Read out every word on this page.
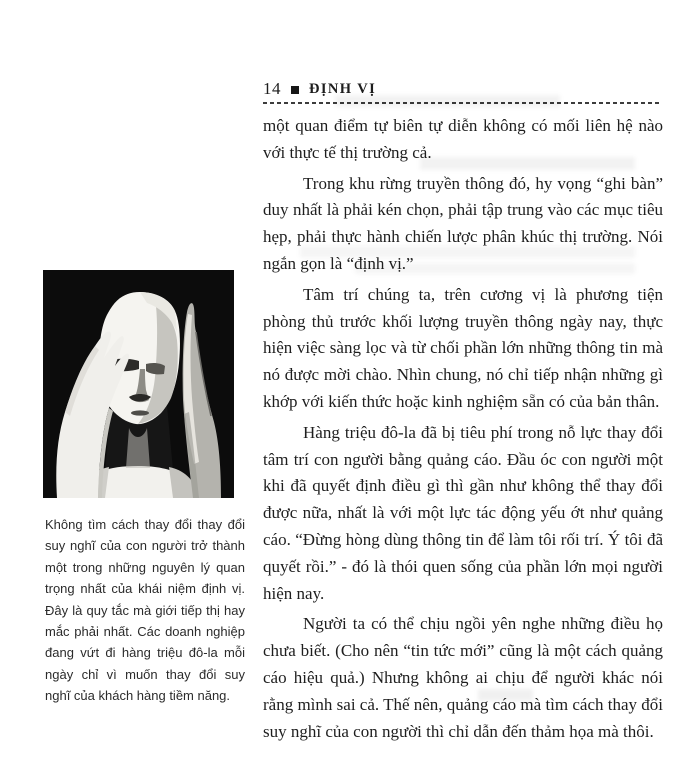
14 ĐỊNH VỊ

một quan điểm tự biên tự diễn không có mối liên hệ nào với thực tế thị trường cả.

Trong khu rừng truyền thông đó, hy vọng “ghi bàn” duy nhất là phải kén chọn, phải tập trung vào các mục tiêu hẹp, phải thực hành chiến lược phân khúc thị trường. Nói ngắn gọn là “định vị.”

Tâm trí chúng ta, trên cương vị là phương tiện phòng thủ trước khối lượng truyền thông ngày nay, thực hiện việc sàng lọc và từ chối phần lớn những thông tin mà nó được mời chào. Nhìn chung, nó chỉ tiếp nhận những gì khớp với kiến thức hoặc kinh nghiệm sẵn có của bản thân.

Hàng triệu đô-la đã bị tiêu phí trong nỗ lực thay đổi tâm trí con người bằng quảng cáo. Đầu óc con người một khi đã quyết định điều gì thì gần như không thể thay đổi được nữa, nhất là với một lực tác động yếu ớt như quảng cáo. “Đừng hòng dùng thông tin để làm tôi rối trí. Ý tôi đã quyết rồi.” - đó là thói quen sống của phần lớn mọi người hiện nay.

Người ta có thể chịu ngồi yên nghe những điều họ chưa biết. (Cho nên “tin tức mới” cũng là một cách quảng cáo hiệu quả.) Nhưng không ai chịu để người khác nói rằng mình sai cả. Thế nên, quảng cáo mà tìm cách thay đổi suy nghĩ của con người thì chỉ dẫn đến thảm họa mà thôi.

Không tìm cách thay đổi thay đổi suy nghĩ của con người trở thành một trong những nguyên lý quan trọng nhất của khái niệm định vị. Đây là quy tắc mà giới tiếp thị hay mắc phải nhất. Các doanh nghiệp đang vứt đi hàng triệu đô-la mỗi ngày chỉ vì muốn thay đổi suy nghĩ của khách hàng tiềm năng.
